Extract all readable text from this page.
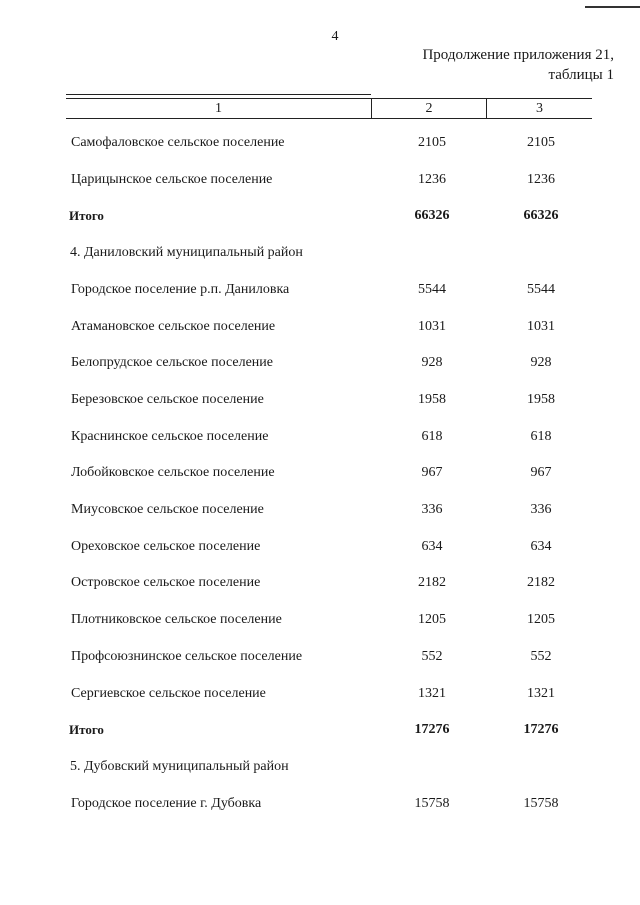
4
Продолжение приложения 21,
таблицы 1
1	2	3
Самофаловское сельское поселение	2105	2105
Царицынское сельское поселение	1236	1236
Итого	66326	66326
4. Даниловский муниципальный район
Городское поселение р.п. Даниловка	5544	5544
Атамановское сельское поселение	1031	1031
Белопрудское сельское поселение	928	928
Березовское сельское поселение	1958	1958
Краснинское сельское поселение	618	618
Лобойковское сельское поселение	967	967
Миусовское сельское поселение	336	336
Ореховское сельское поселение	634	634
Островское сельское поселение	2182	2182
Плотниковское сельское поселение	1205	1205
Профсоюзнинское сельское поселение	552	552
Сергиевское сельское поселение	1321	1321
Итого	17276	17276
5. Дубовский муниципальный район
Городское поселение г. Дубовка	15758	15758
